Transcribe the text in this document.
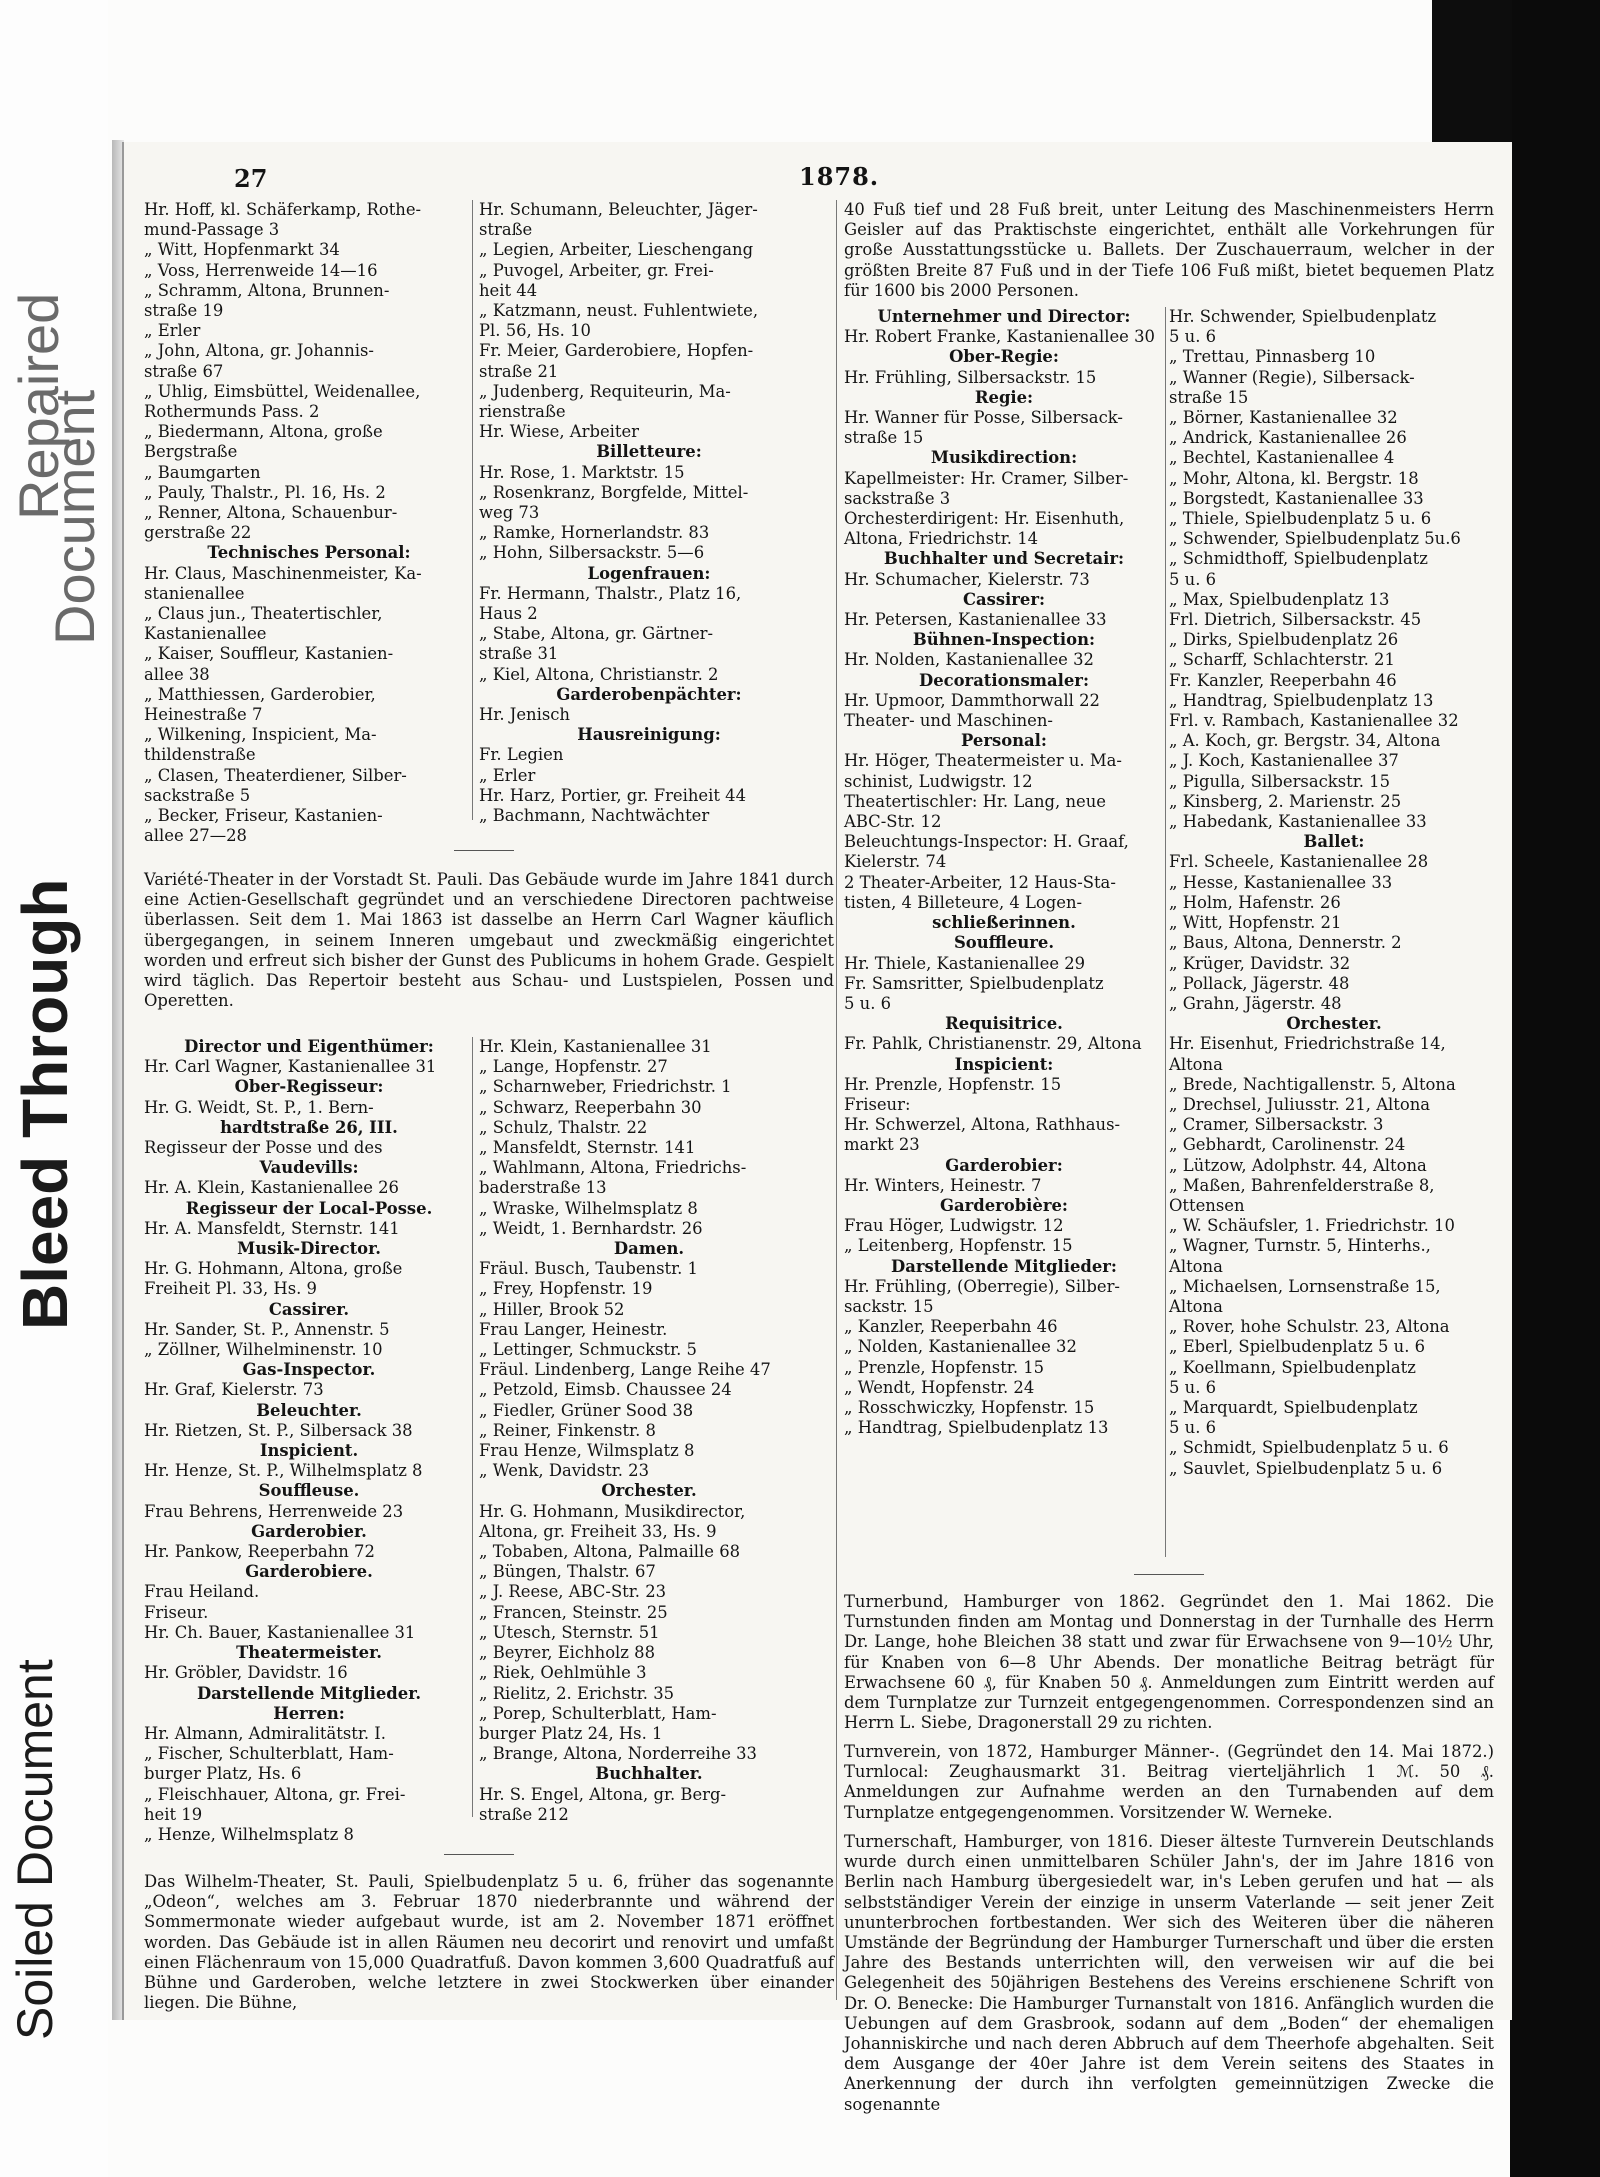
Soiled Document
Bleed Through
Repaired
Document
27	1878.
Hr. Hoff, kl. Schäferkamp, Rothe-
mund-Passage 3
„ Witt, Hopfenmarkt 34
„ Voss, Herrenweide 14—16
„ Schramm, Altona, Brunnen-
straße 19
„ Erler
„ John, Altona, gr. Johannis-
straße 67
„ Uhlig, Eimsbüttel, Weidenallee,
Rothermunds Pass. 2
„ Biedermann, Altona, große
Bergstraße
„ Baumgarten
„ Pauly, Thalstr., Pl. 16, Hs. 2
„ Renner, Altona, Schauenbur-
gerstraße 22
Technisches Personal:
Hr. Claus, Maschinenmeister, Ka-
stanienallee
„ Claus jun., Theatertischler,
Kastanienallee
„ Kaiser, Souffleur, Kastanien-
allee 38
„ Matthiessen, Garderobier,
Heinestraße 7
„ Wilkening, Inspicient, Ma-
thildenstraße
„ Clasen, Theaterdiener, Silber-
sackstraße 5
„ Becker, Friseur, Kastanien-
allee 27—28
Hr. Schumann, Beleuchter, Jäger-
straße
„ Legien, Arbeiter, Lieschengang
„ Puvogel, Arbeiter, gr. Frei-
heit 44
„ Katzmann, neust. Fuhlentwiete,
Pl. 56, Hs. 10
Fr. Meier, Garderobiere, Hopfen-
straße 21
„ Judenberg, Requiteurin, Ma-
rienstraße
Hr. Wiese, Arbeiter
Billetteure:
Hr. Rose, 1. Marktstr. 15
„ Rosenkranz, Borgfelde, Mittel-
weg 73
„ Ramke, Hornerlandstr. 83
„ Hohn, Silbersackstr. 5—6
Logenfrauen:
Fr. Hermann, Thalstr., Platz 16,
Haus 2
„ Stabe, Altona, gr. Gärtner-
straße 31
„ Kiel, Altona, Christianstr. 2
Garderobenpächter:
Hr. Jenisch
Hausreinigung:
Fr. Legien
„ Erler
Hr. Harz, Portier, gr. Freiheit 44
„ Bachmann, Nachtwächter
Variété-Theater in der Vorstadt St. Pauli. Das Gebäude wurde im Jahre 1841 durch eine Actien-Gesellschaft gegründet und an verschiedene Directoren pachtweise überlassen. Seit dem 1. Mai 1863 ist dasselbe an Herrn Carl Wagner käuflich übergegangen, in seinem Inneren umgebaut und zweckmäßig eingerichtet worden und erfreut sich bisher der Gunst des Publicums in hohem Grade. Gespielt wird täglich. Das Repertoir besteht aus Schau- und Lustspielen, Possen und Operetten.
Director und Eigenthümer:
Hr. Carl Wagner, Kastanienallee 31
Ober-Regisseur:
Hr. G. Weidt, St. P., 1. Bern-
hardtstraße 26, III.
Regisseur der Posse und des
Vaudevills:
Hr. A. Klein, Kastanienallee 26
Regisseur der Local-Posse.
Hr. A. Mansfeldt, Sternstr. 141
Musik-Director.
Hr. G. Hohmann, Altona, große
Freiheit Pl. 33, Hs. 9
Cassirer.
Hr. Sander, St. P., Annenstr. 5
„ Zöllner, Wilhelminenstr. 10
Gas-Inspector.
Hr. Graf, Kielerstr. 73
Beleuchter.
Hr. Rietzen, St. P., Silbersack 38
Inspicient.
Hr. Henze, St. P., Wilhelmsplatz 8
Souffleuse.
Frau Behrens, Herrenweide 23
Garderobier.
Hr. Pankow, Reeperbahn 72
Garderobiere.
Frau Heiland.
Friseur.
Hr. Ch. Bauer, Kastanienallee 31
Theatermeister.
Hr. Gröbler, Davidstr. 16
Darstellende Mitglieder.
Herren:
Hr. Almann, Admiralitätstr. I.
„ Fischer, Schulterblatt, Ham-
burger Platz, Hs. 6
„ Fleischhauer, Altona, gr. Frei-
heit 19
„ Henze, Wilhelmsplatz 8
Hr. Klein, Kastanienallee 31
„ Lange, Hopfenstr. 27
„ Scharnweber, Friedrichstr. 1
„ Schwarz, Reeperbahn 30
„ Schulz, Thalstr. 22
„ Mansfeldt, Sternstr. 141
„ Wahlmann, Altona, Friedrichs-
baderstraße 13
„ Wraske, Wilhelmsplatz 8
„ Weidt, 1. Bernhardstr. 26
Damen.
Fräul. Busch, Taubenstr. 1
„ Frey, Hopfenstr. 19
„ Hiller, Brook 52
Frau Langer, Heinestr.
„ Lettinger, Schmuckstr. 5
Fräul. Lindenberg, Lange Reihe 47
„ Petzold, Eimsb. Chaussee 24
„ Fiedler, Grüner Sood 38
„ Reiner, Finkenstr. 8
Frau Henze, Wilmsplatz 8
„ Wenk, Davidstr. 23
Orchester.
Hr. G. Hohmann, Musikdirector,
Altona, gr. Freiheit 33, Hs. 9
„ Tobaben, Altona, Palmaille 68
„ Büngen, Thalstr. 67
„ J. Reese, ABC-Str. 23
„ Francen, Steinstr. 25
„ Utesch, Sternstr. 51
„ Beyrer, Eichholz 88
„ Riek, Oehlmühle 3
„ Rielitz, 2. Erichstr. 35
„ Porep, Schulterblatt, Ham-
burger Platz 24, Hs. 1
„ Brange, Altona, Norderreihe 33
Buchhalter.
Hr. S. Engel, Altona, gr. Berg-
straße 212
Das Wilhelm-Theater, St. Pauli, Spielbudenplatz 5 u. 6, früher das sogenannte „Odeon“, welches am 3. Februar 1870 niederbrannte und während der Sommermonate wieder aufgebaut wurde, ist am 2. November 1871 eröffnet worden. Das Gebäude ist in allen Räumen neu decorirt und renovirt und umfaßt einen Flächenraum von 15,000 Quadratfuß. Davon kommen 3,600 Quadratfuß auf Bühne und Garderoben, welche letztere in zwei Stockwerken über einander liegen. Die Bühne,
40 Fuß tief und 28 Fuß breit, unter Leitung des Maschinenmeisters Herrn Geisler auf das Praktischste eingerichtet, enthält alle Vorkehrungen für große Ausstattungsstücke u. Ballets. Der Zuschauerraum, welcher in der größten Breite 87 Fuß und in der Tiefe 106 Fuß mißt, bietet bequemen Platz für 1600 bis 2000 Personen.
Unternehmer und Director:
Hr. Robert Franke, Kastanienallee 30
Ober-Regie:
Hr. Frühling, Silbersackstr. 15
Regie:
Hr. Wanner für Posse, Silbersack-
straße 15
Musikdirection:
Kapellmeister: Hr. Cramer, Silber-
sackstraße 3
Orchesterdirigent: Hr. Eisenhuth,
Altona, Friedrichstr. 14
Buchhalter und Secretair:
Hr. Schumacher, Kielerstr. 73
Cassirer:
Hr. Petersen, Kastanienallee 33
Bühnen-Inspection:
Hr. Nolden, Kastanienallee 32
Decorationsmaler:
Hr. Upmoor, Dammthorwall 22
Theater- und Maschinen-
Personal:
Hr. Höger, Theatermeister u. Ma-
schinist, Ludwigstr. 12
Theatertischler: Hr. Lang, neue
ABC-Str. 12
Beleuchtungs-Inspector: H. Graaf,
Kielerstr. 74
2 Theater-Arbeiter, 12 Haus-Sta-
tisten, 4 Billeteure, 4 Logen-
schließerinnen.
Souffleure.
Hr. Thiele, Kastanienallee 29
Fr. Samsritter, Spielbudenplatz
5 u. 6
Requisitrice.
Fr. Pahlk, Christianenstr. 29, Altona
Inspicient:
Hr. Prenzle, Hopfenstr. 15
Friseur:
Hr. Schwerzel, Altona, Rathhaus-
markt 23
Garderobier:
Hr. Winters, Heinestr. 7
Garderobière:
Frau Höger, Ludwigstr. 12
„ Leitenberg, Hopfenstr. 15
Darstellende Mitglieder:
Hr. Frühling, (Oberregie), Silber-
sackstr. 15
„ Kanzler, Reeperbahn 46
„ Nolden, Kastanienallee 32
„ Prenzle, Hopfenstr. 15
„ Wendt, Hopfenstr. 24
„ Rosschwiczky, Hopfenstr. 15
„ Handtrag, Spielbudenplatz 13
Hr. Schwender, Spielbudenplatz
5 u. 6
„ Trettau, Pinnasberg 10
„ Wanner (Regie), Silbersack-
straße 15
„ Börner, Kastanienallee 32
„ Andrick, Kastanienallee 26
„ Bechtel, Kastanienallee 4
„ Mohr, Altona, kl. Bergstr. 18
„ Borgstedt, Kastanienallee 33
„ Thiele, Spielbudenplatz 5 u. 6
„ Schwender, Spielbudenplatz 5u.6
„ Schmidthoff, Spielbudenplatz
5 u. 6
„ Max, Spielbudenplatz 13
Frl. Dietrich, Silbersackstr. 45
„ Dirks, Spielbudenplatz 26
„ Scharff, Schlachterstr. 21
Fr. Kanzler, Reeperbahn 46
„ Handtrag, Spielbudenplatz 13
Frl. v. Rambach, Kastanienallee 32
„ A. Koch, gr. Bergstr. 34, Altona
„ J. Koch, Kastanienallee 37
„ Pigulla, Silbersackstr. 15
„ Kinsberg, 2. Marienstr. 25
„ Habedank, Kastanienallee 33
Ballet:
Frl. Scheele, Kastanienallee 28
„ Hesse, Kastanienallee 33
„ Holm, Hafenstr. 26
„ Witt, Hopfenstr. 21
„ Baus, Altona, Dennerstr. 2
„ Krüger, Davidstr. 32
„ Pollack, Jägerstr. 48
„ Grahn, Jägerstr. 48
Orchester.
Hr. Eisenhut, Friedrichstraße 14,
Altona
„ Brede, Nachtigallenstr. 5, Altona
„ Drechsel, Juliusstr. 21, Altona
„ Cramer, Silbersackstr. 3
„ Gebhardt, Carolinenstr. 24
„ Lützow, Adolphstr. 44, Altona
„ Maßen, Bahrenfelderstraße 8,
Ottensen
„ W. Schäufsler, 1. Friedrichstr. 10
„ Wagner, Turnstr. 5, Hinterhs.,
Altona
„ Michaelsen, Lornsenstraße 15,
Altona
„ Rover, hohe Schulstr. 23, Altona
„ Eberl, Spielbudenplatz 5 u. 6
„ Koellmann, Spielbudenplatz
5 u. 6
„ Marquardt, Spielbudenplatz
5 u. 6
„ Schmidt, Spielbudenplatz 5 u. 6
„ Sauvlet, Spielbudenplatz 5 u. 6
Turnerbund, Hamburger von 1862. Gegründet den 1. Mai 1862. Die Turnstunden finden am Montag und Donnerstag in der Turnhalle des Herrn Dr. Lange, hohe Bleichen 38 statt und zwar für Erwachsene von 9—10½ Uhr, für Knaben von 6—8 Uhr Abends. Der monatliche Beitrag beträgt für Erwachsene 60 ₰, für Knaben 50 ₰. Anmeldungen zum Eintritt werden auf dem Turnplatze zur Turnzeit entgegengenommen. Correspondenzen sind an Herrn L. Siebe, Dragonerstall 29 zu richten.
Turnverein, von 1872, Hamburger Männer-. (Gegründet den 14. Mai 1872.) Turnlocal: Zeughausmarkt 31. Beitrag vierteljährlich 1 ℳ. 50 ₰. Anmeldungen zur Aufnahme werden an den Turnabenden auf dem Turnplatze entgegengenommen. Vorsitzender W. Werneke.
Turnerschaft, Hamburger, von 1816. Dieser älteste Turnverein Deutschlands wurde durch einen unmittelbaren Schüler Jahn's, der im Jahre 1816 von Berlin nach Hamburg übergesiedelt war, in's Leben gerufen und hat — als selbstständiger Verein der einzige in unserm Vaterlande — seit jener Zeit ununterbrochen fortbestanden. Wer sich des Weiteren über die näheren Umstände der Begründung der Hamburger Turnerschaft und über die ersten Jahre des Bestands unterrichten will, den verweisen wir auf die bei Gelegenheit des 50jährigen Bestehens des Vereins erschienene Schrift von Dr. O. Benecke: Die Hamburger Turnanstalt von 1816. Anfänglich wurden die Uebungen auf dem Grasbrook, sodann auf dem „Boden“ der ehemaligen Johanniskirche und nach deren Abbruch auf dem Theerhofe abgehalten. Seit dem Ausgange der 40er Jahre ist dem Verein seitens des Staates in Anerkennung der durch ihn verfolgten gemeinnützigen Zwecke die sogenannte
